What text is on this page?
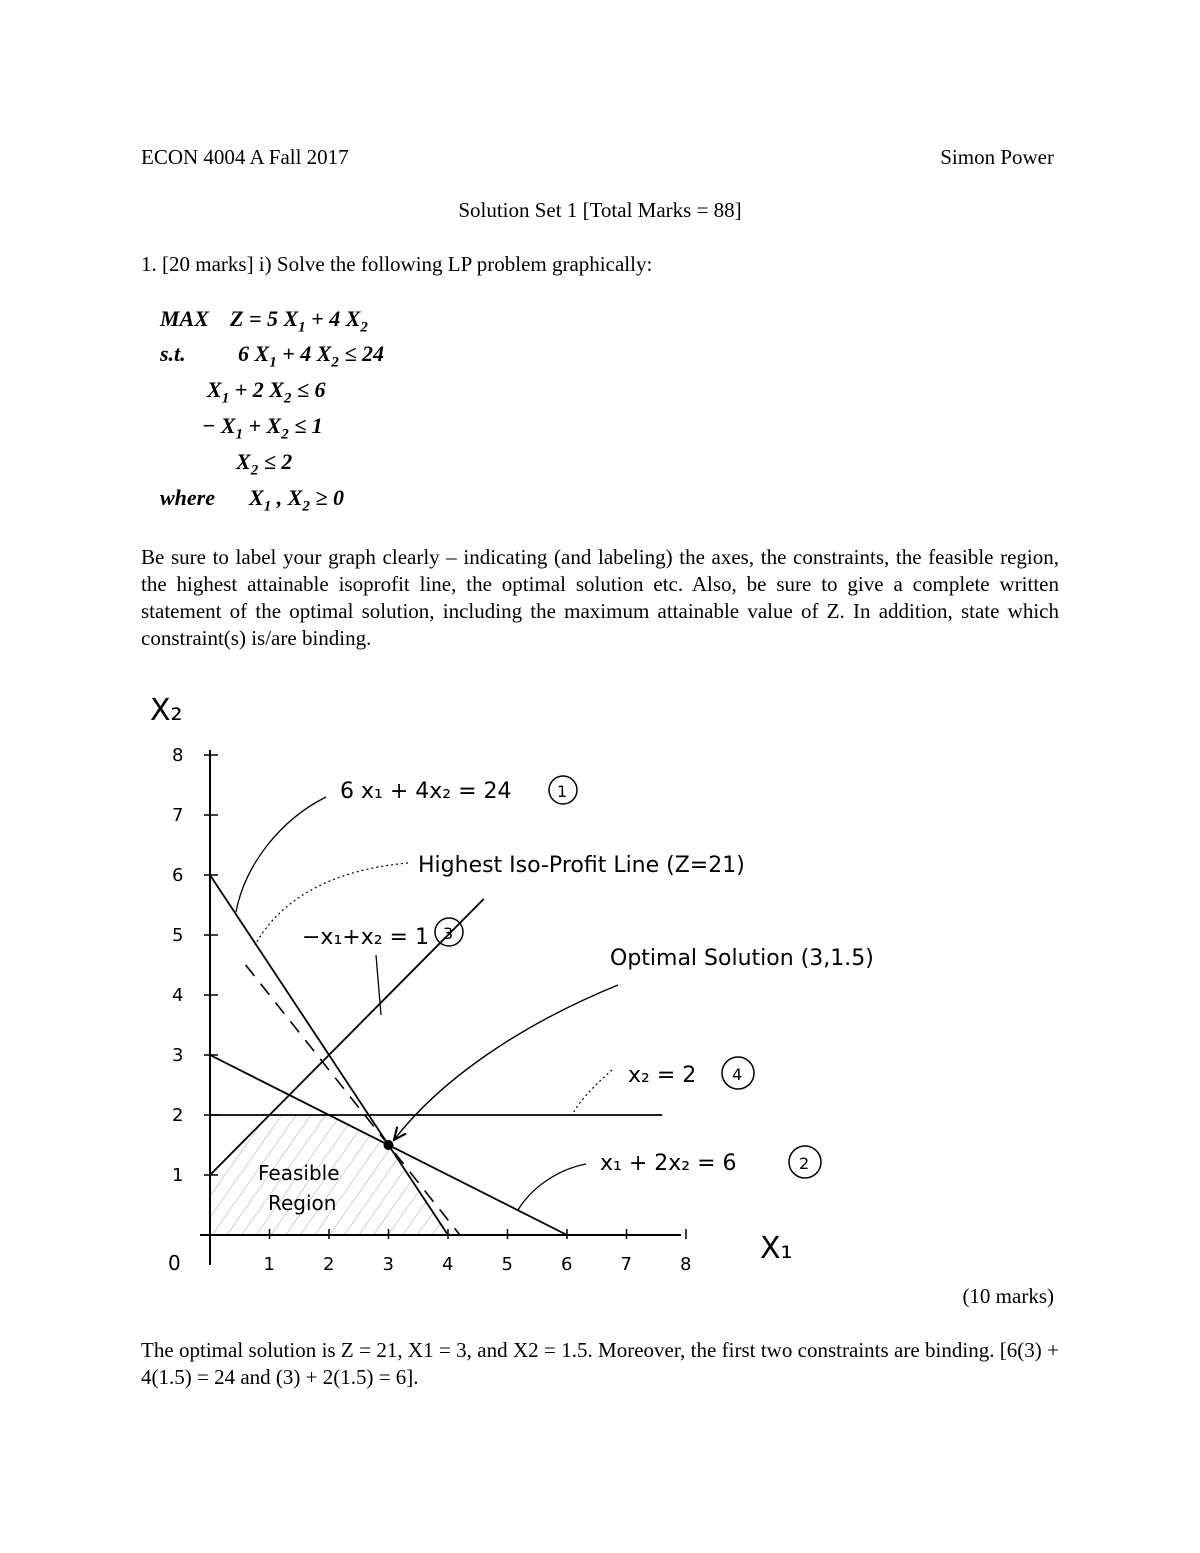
ECON 4004 A Fall 2017	Simon Power
Solution Set 1 [Total Marks = 88]
1. [20 marks] i) Solve the following LP problem graphically:
MAX Z = 5 $X_1 + 4$ $X_2$
s.t. 6 $X_1 + 4$ $X_2 \le 24$
$X_1 + 2$ $X_2 \le 6$
− $X_1 + X_2 \le 1$
$X_2 \le 2$
where $X_1$ , $X_2 \ge 0$
Be sure to label your graph clearly – indicating (and labeling) the axes, the constraints, the feasible region, the highest attainable isoprofit line, the optimal solution etc. Also, be sure to give a complete written statement of the optimal solution, including the maximum attainable value of Z. In addition, state which constraint(s) is/are binding.
X₂
X₁
0	1	2	3	4	5	6	7	8
1
2
3
4
5
6
7
8
Feasible
Region
6 x₁ + 4x₂ = 24	1
Highest Iso-Profit Line (Z=21)
−x₁+x₂ = 1 3
Optimal Solution (3,1.5)
x₂ = 2 4
x₁ + 2x₂ = 6	2
(10 marks)
The optimal solution is Z = 21, X1 = 3, and X2 = 1.5. Moreover, the first two constraints are binding. [6(3) + 4(1.5) = 24 and (3) + 2(1.5) = 6].
